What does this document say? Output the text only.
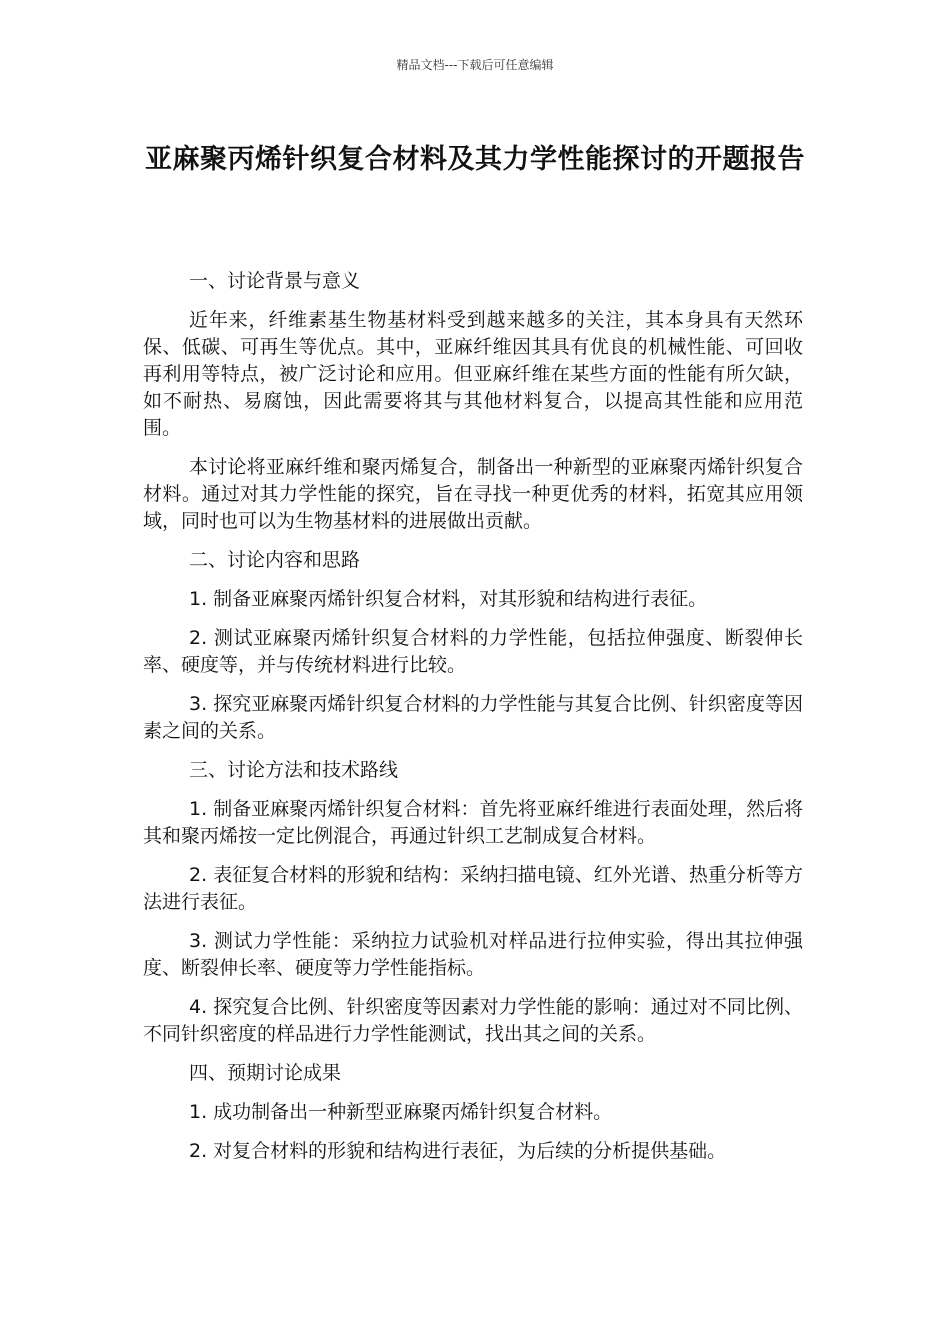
精品文档---下载后可任意编辑
亚麻聚丙烯针织复合材料及其力学性能探讨的开题报告

一、讨论背景与意义

近年来，纤维素基生物基材料受到越来越多的关注，其本身具有天然环保、低碳、可再生等优点。其中，亚麻纤维因其具有优良的机械性能、可回收再利用等特点，被广泛讨论和应用。但亚麻纤维在某些方面的性能有所欠缺，如不耐热、易腐蚀，因此需要将其与其他材料复合，以提高其性能和应用范围。

本讨论将亚麻纤维和聚丙烯复合，制备出一种新型的亚麻聚丙烯针织复合材料。通过对其力学性能的探究，旨在寻找一种更优秀的材料，拓宽其应用领域，同时也可以为生物基材料的进展做出贡献。

二、讨论内容和思路

1. 制备亚麻聚丙烯针织复合材料，对其形貌和结构进行表征。

2. 测试亚麻聚丙烯针织复合材料的力学性能，包括拉伸强度、断裂伸长率、硬度等，并与传统材料进行比较。

3. 探究亚麻聚丙烯针织复合材料的力学性能与其复合比例、针织密度等因素之间的关系。

三、讨论方法和技术路线

1. 制备亚麻聚丙烯针织复合材料：首先将亚麻纤维进行表面处理，然后将其和聚丙烯按一定比例混合，再通过针织工艺制成复合材料。

2. 表征复合材料的形貌和结构：采纳扫描电镜、红外光谱、热重分析等方法进行表征。

3. 测试力学性能：采纳拉力试验机对样品进行拉伸实验，得出其拉伸强度、断裂伸长率、硬度等力学性能指标。

4. 探究复合比例、针织密度等因素对力学性能的影响：通过对不同比例、不同针织密度的样品进行力学性能测试，找出其之间的关系。

四、预期讨论成果

1. 成功制备出一种新型亚麻聚丙烯针织复合材料。

2. 对复合材料的形貌和结构进行表征，为后续的分析提供基础。
